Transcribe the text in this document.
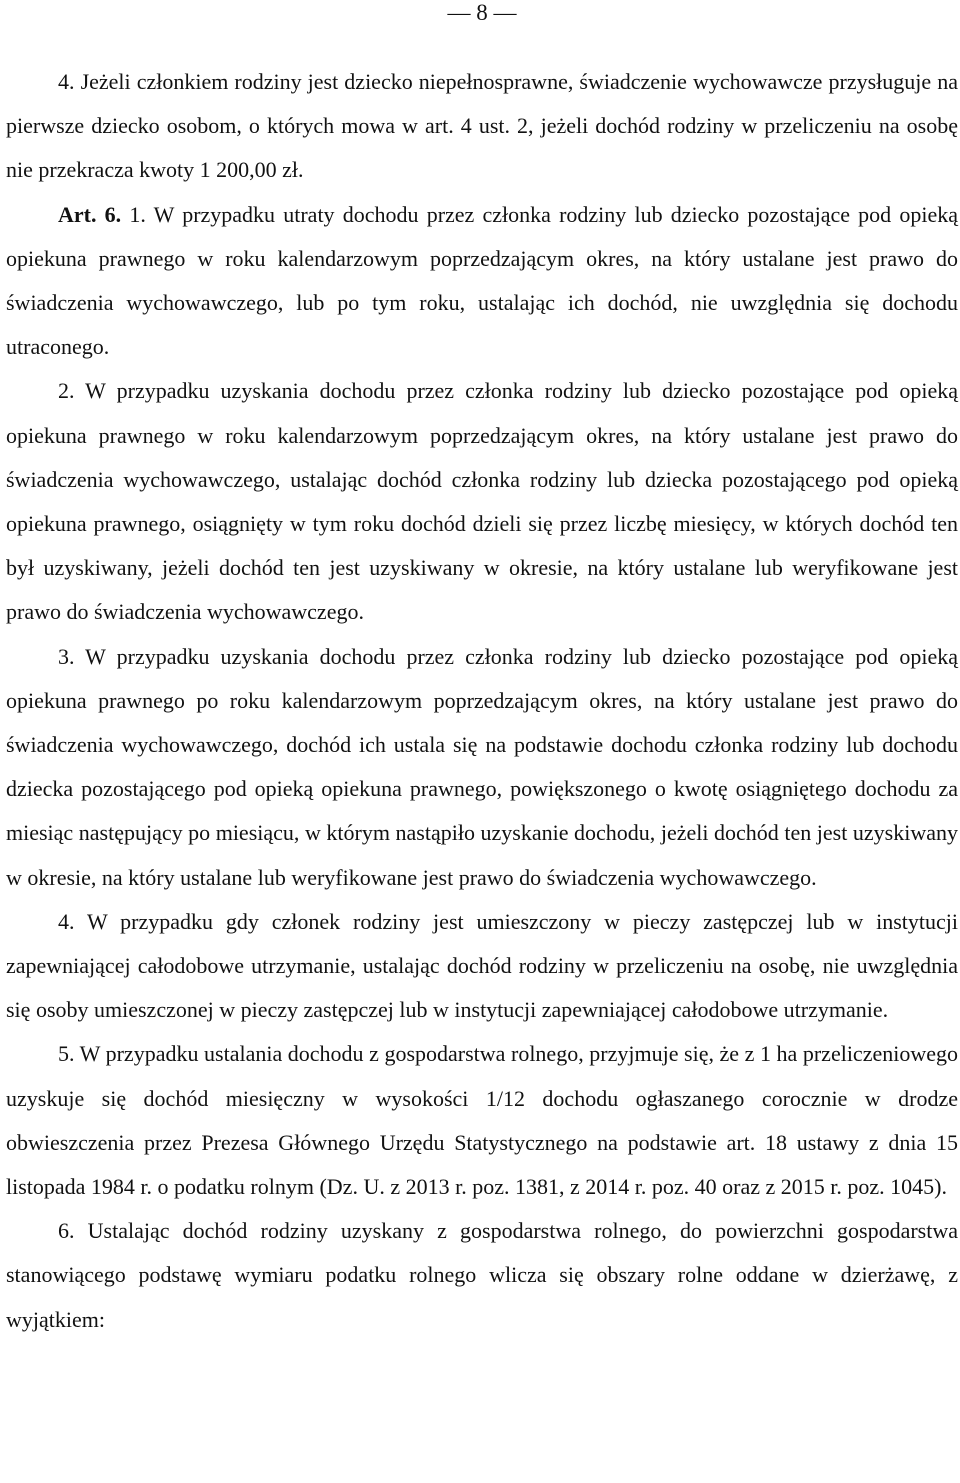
— 8 —

4. Jeżeli członkiem rodziny jest dziecko niepełnosprawne, świadczenie wychowawcze przysługuje na pierwsze dziecko osobom, o których mowa w art. 4 ust. 2, jeżeli dochód rodziny w przeliczeniu na osobę nie przekracza kwoty 1 200,00 zł.

Art. 6. 1. W przypadku utraty dochodu przez członka rodziny lub dziecko pozostające pod opieką opiekuna prawnego w roku kalendarzowym poprzedzającym okres, na który ustalane jest prawo do świadczenia wychowawczego, lub po tym roku, ustalając ich dochód, nie uwzględnia się dochodu utraconego.

2. W przypadku uzyskania dochodu przez członka rodziny lub dziecko pozostające pod opieką opiekuna prawnego w roku kalendarzowym poprzedzającym okres, na który ustalane jest prawo do świadczenia wychowawczego, ustalając dochód członka rodziny lub dziecka pozostającego pod opieką opiekuna prawnego, osiągnięty w tym roku dochód dzieli się przez liczbę miesięcy, w których dochód ten był uzyskiwany, jeżeli dochód ten jest uzyskiwany w okresie, na który ustalane lub weryfikowane jest prawo do świadczenia wychowawczego.

3. W przypadku uzyskania dochodu przez członka rodziny lub dziecko pozostające pod opieką opiekuna prawnego po roku kalendarzowym poprzedzającym okres, na który ustalane jest prawo do świadczenia wychowawczego, dochód ich ustala się na podstawie dochodu członka rodziny lub dochodu dziecka pozostającego pod opieką opiekuna prawnego, powiększonego o kwotę osiągniętego dochodu za miesiąc następujący po miesiącu, w którym nastąpiło uzyskanie dochodu, jeżeli dochód ten jest uzyskiwany w okresie, na który ustalane lub weryfikowane jest prawo do świadczenia wychowawczego.

4. W przypadku gdy członek rodziny jest umieszczony w pieczy zastępczej lub w instytucji zapewniającej całodobowe utrzymanie, ustalając dochód rodziny w przeliczeniu na osobę, nie uwzględnia się osoby umieszczonej w pieczy zastępczej lub w instytucji zapewniającej całodobowe utrzymanie.

5. W przypadku ustalania dochodu z gospodarstwa rolnego, przyjmuje się, że z 1 ha przeliczeniowego uzyskuje się dochód miesięczny w wysokości 1/12 dochodu ogłaszanego corocznie w drodze obwieszczenia przez Prezesa Głównego Urzędu Statystycznego na podstawie art. 18 ustawy z dnia 15 listopada 1984 r. o podatku rolnym (Dz. U. z 2013 r. poz. 1381, z 2014 r. poz. 40 oraz z 2015 r. poz. 1045).

6. Ustalając dochód rodziny uzyskany z gospodarstwa rolnego, do powierzchni gospodarstwa stanowiącego podstawę wymiaru podatku rolnego wlicza się obszary rolne oddane w dzierżawę, z wyjątkiem:
